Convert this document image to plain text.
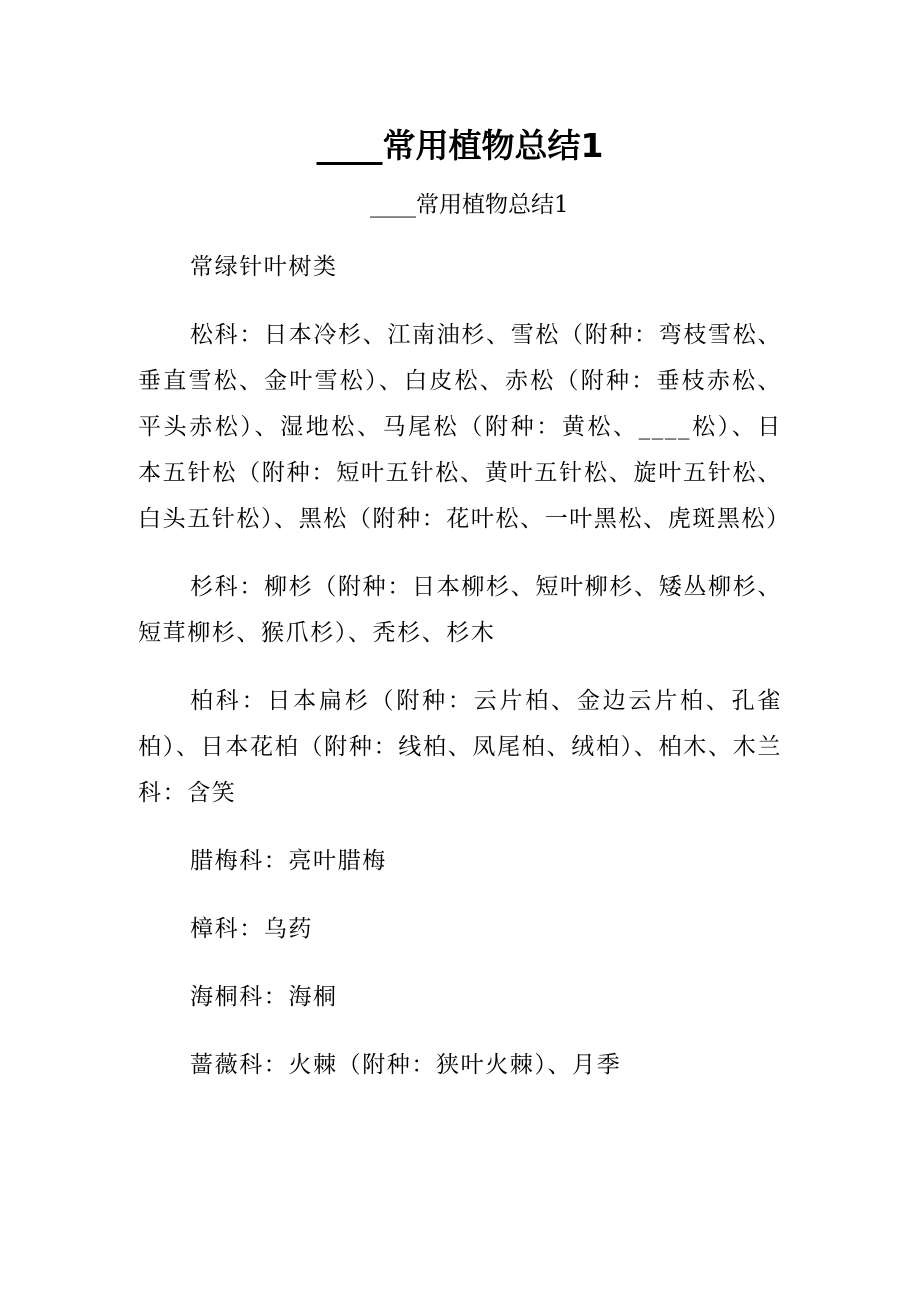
____常用植物总结1
____常用植物总结1

常绿针叶树类

松科：日本冷杉、江南油杉、雪松（附种：弯枝雪松、垂直雪松、金叶雪松）、白皮松、赤松（附种：垂枝赤松、平头赤松）、湿地松、马尾松（附种：黄松、____松）、日本五针松（附种：短叶五针松、黄叶五针松、旋叶五针松、白头五针松）、黑松（附种：花叶松、一叶黑松、虎斑黑松）

杉科：柳杉（附种：日本柳杉、短叶柳杉、矮丛柳杉、短茸柳杉、猴爪杉）、秃杉、杉木

柏科：日本扁杉（附种：云片柏、金边云片柏、孔雀柏）、日本花柏（附种：线柏、凤尾柏、绒柏）、柏木、木兰科：含笑

腊梅科：亮叶腊梅

樟科：乌药

海桐科：海桐

蔷薇科：火棘（附种：狭叶火棘）、月季
